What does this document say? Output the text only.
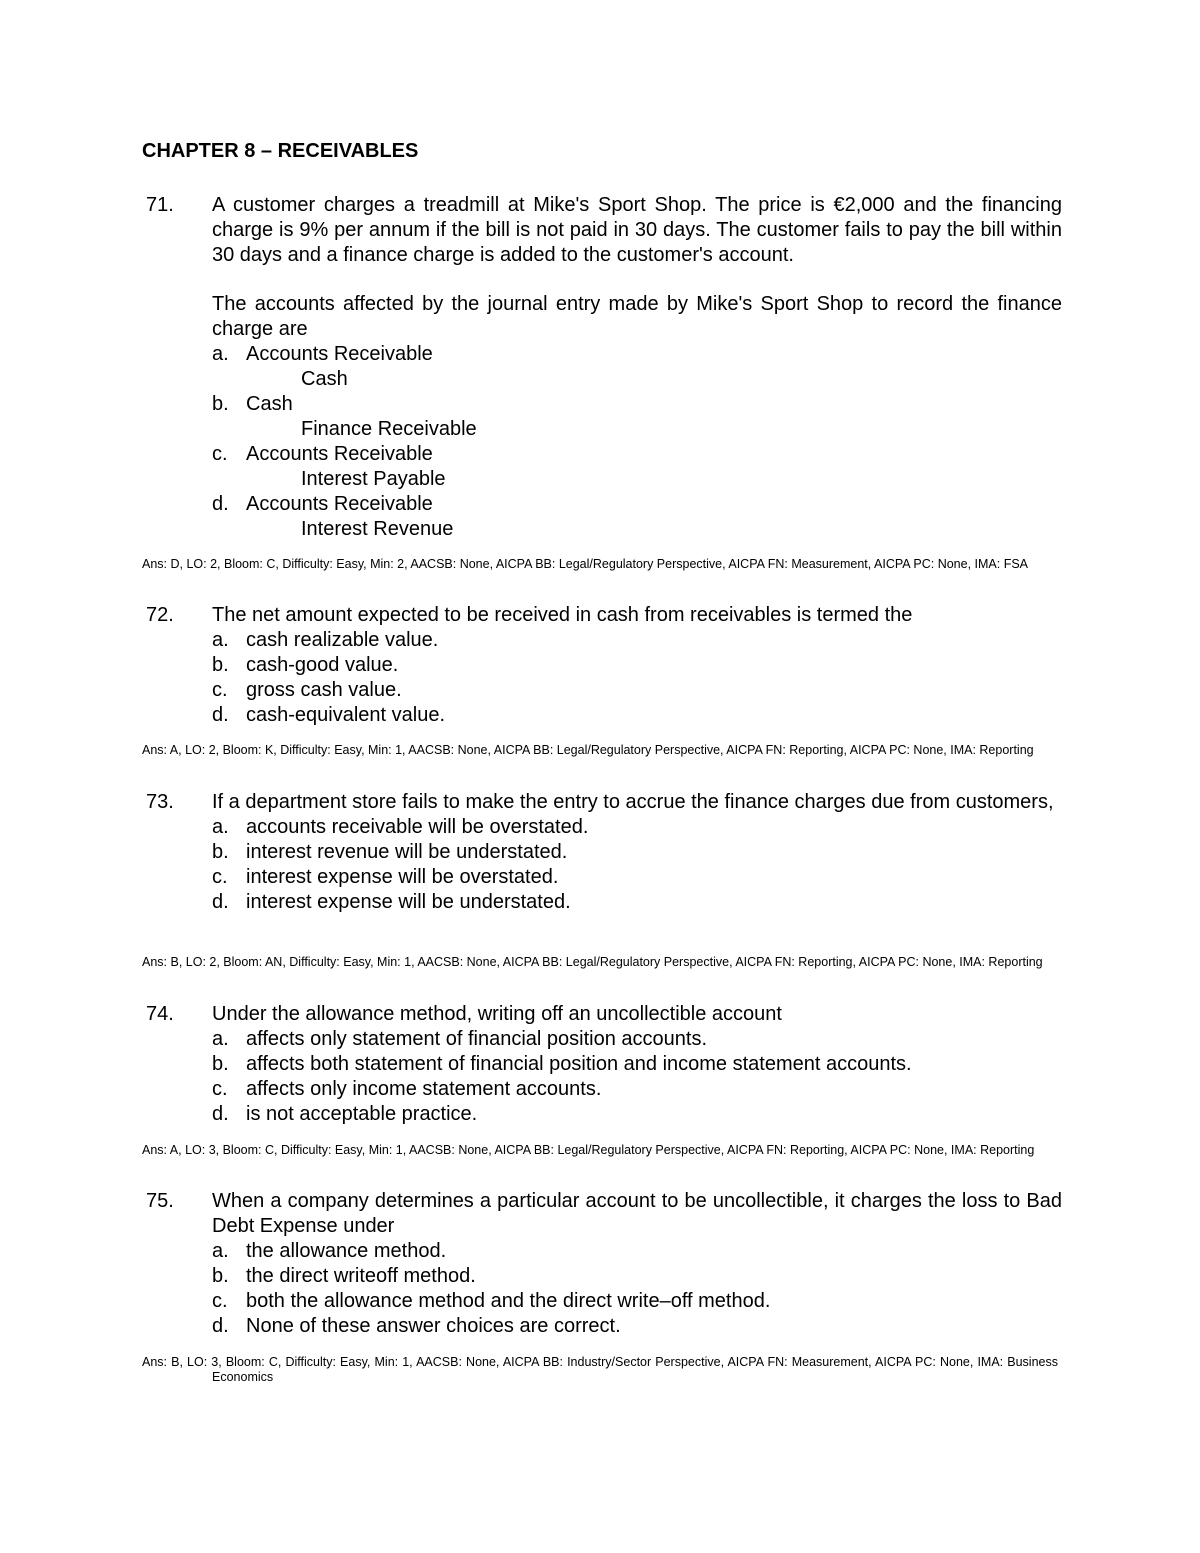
CHAPTER 8 – RECEIVABLES
71. A customer charges a treadmill at Mike's Sport Shop. The price is €2,000 and the financing charge is 9% per annum if the bill is not paid in 30 days. The customer fails to pay the bill within 30 days and a finance charge is added to the customer's account.

The accounts affected by the journal entry made by Mike's Sport Shop to record the finance charge are

a. Accounts Receivable
Cash
b. Cash
Finance Receivable
c. Accounts Receivable
Interest Payable
d. Accounts Receivable
Interest Revenue
Ans: D, LO: 2, Bloom: C, Difficulty: Easy, Min: 2, AACSB: None, AICPA BB: Legal/Regulatory Perspective, AICPA FN: Measurement, AICPA PC: None, IMA: FSA
72. The net amount expected to be received in cash from receivables is termed the

a. cash realizable value.
b. cash-good value.
c. gross cash value.
d. cash-equivalent value.
Ans: A, LO: 2, Bloom: K, Difficulty: Easy, Min: 1, AACSB: None, AICPA BB: Legal/Regulatory Perspective, AICPA FN: Reporting, AICPA PC: None, IMA: Reporting
73. If a department store fails to make the entry to accrue the finance charges due from customers,

a. accounts receivable will be overstated.
b. interest revenue will be understated.
c. interest expense will be overstated.
d. interest expense will be understated.
Ans: B, LO: 2, Bloom: AN, Difficulty: Easy, Min: 1, AACSB: None, AICPA BB: Legal/Regulatory Perspective, AICPA FN: Reporting, AICPA PC: None, IMA: Reporting
74. Under the allowance method, writing off an uncollectible account

a. affects only statement of financial position accounts.
b. affects both statement of financial position and income statement accounts.
c. affects only income statement accounts.
d. is not acceptable practice.
Ans: A, LO: 3, Bloom: C, Difficulty: Easy, Min: 1, AACSB: None, AICPA BB: Legal/Regulatory Perspective, AICPA FN: Reporting, AICPA PC: None, IMA: Reporting
75. When a company determines a particular account to be uncollectible, it charges the loss to Bad Debt Expense under

a. the allowance method.
b. the direct writeoff method.
c. both the allowance method and the direct write–off method.
d. None of these answer choices are correct.
Ans: B, LO: 3, Bloom: C, Difficulty: Easy, Min: 1, AACSB: None, AICPA BB: Industry/Sector Perspective, AICPA FN: Measurement, AICPA PC: None, IMA: Business Economics
